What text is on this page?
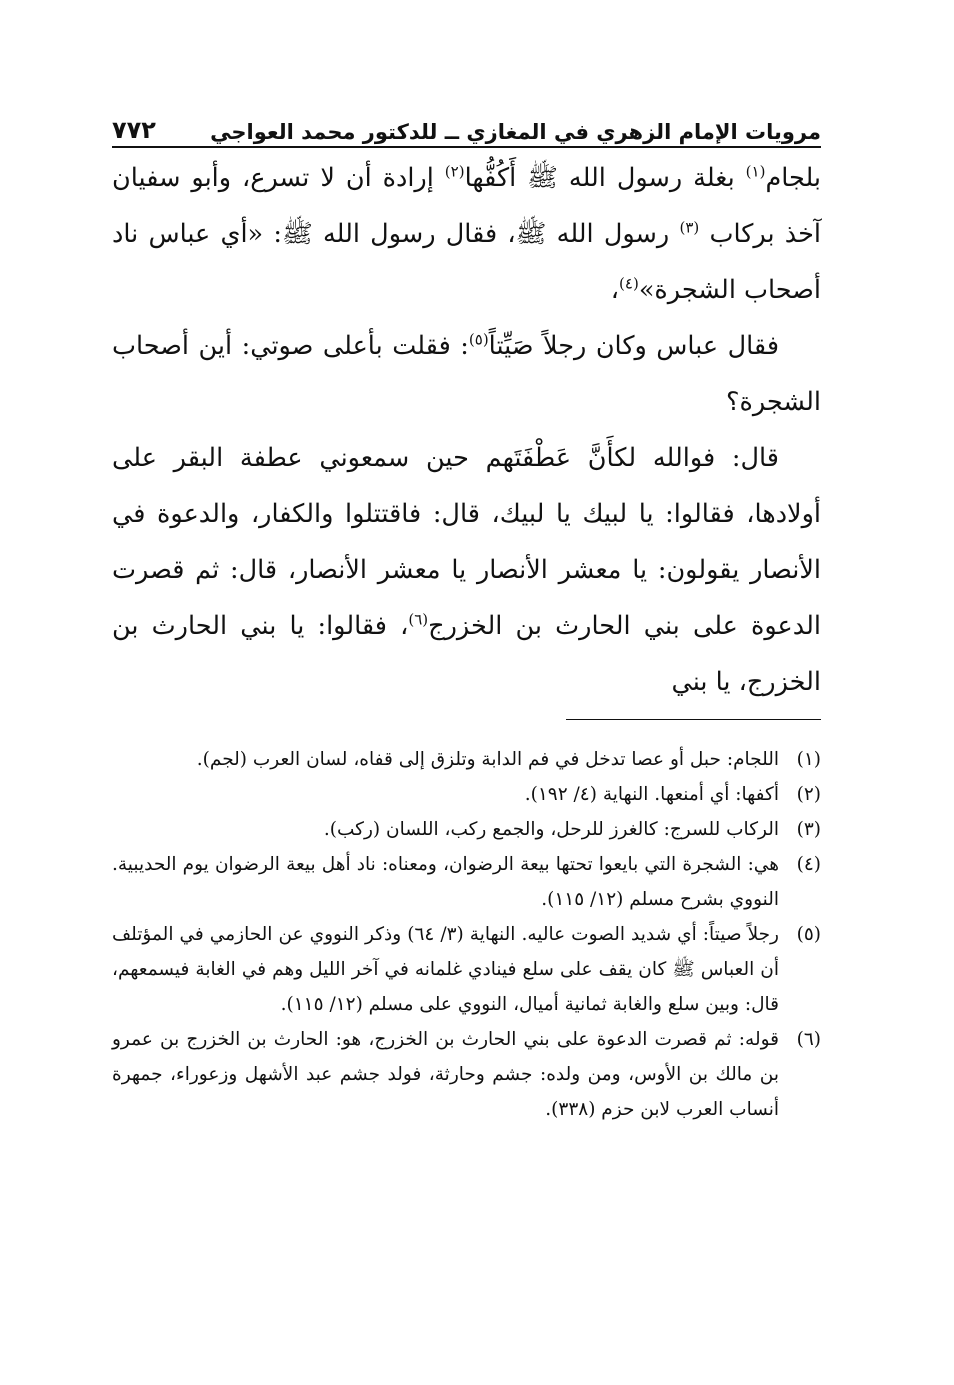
مرويات الإمام الزهري في المغازي ــ للدكتور محمد العواجي
٧٧٢

بلجام$^{(١)}$ بغلة رسول الله ﷺ أَكُفُّها$^{(٢)}$ إرادة أن لا تسرع، وأبو سفيان آخذ بركاب $^{(٣)}$ رسول الله ﷺ، فقال رسول الله ﷺ: «أي عباس ناد أصحاب الشجرة»$^{(٤)}$،

فقال عباس وكان رجلاً صَيِّتاً$^{(٥)}$: فقلت بأعلى صوتي: أين أصحاب الشجرة؟

قال: فوالله لكأَنَّ عَطْفَتَهم حين سمعوني عطفة البقر على أولادها، فقالوا: يا لبيك يا لبيك، قال: فاقتتلوا والكفار، والدعوة في الأنصار يقولون: يا معشر الأنصار يا معشر الأنصار، قال: ثم قصرت الدعوة على بني الحارث بن الخزرج$^{(٦)}$، فقالوا: يا بني الحارث بن الخزرج، يا بني

(١)
اللجام: حبل أو عصا تدخل في فم الدابة وتلزق إلى قفاه، لسان العرب (لجم).
(٢)
أكفها: أي أمنعها. النهاية (٤/ ١٩٢).
(٣)
الركاب للسرج: كالغرز للرحل، والجمع ركب، اللسان (ركب).
(٤)
هي: الشجرة التي بايعوا تحتها بيعة الرضوان، ومعناه: ناد أهل بيعة الرضوان يوم الحديبية. النووي بشرح مسلم (١٢/ ١١٥).
(٥)
رجلاً صيتاً: أي شديد الصوت عاليه. النهاية (٣/ ٦٤) وذكر النووي عن الحازمي في المؤتلف أن العباس ﷺ كان يقف على سلع فينادي غلمانه في آخر الليل وهم في الغابة فيسمعهم، قال: وبين سلع والغابة ثمانية أميال، النووي على مسلم (١٢/ ١١٥).
(٦)
قوله: ثم قصرت الدعوة على بني الحارث بن الخزرج، هو: الحارث بن الخزرج بن عمرو بن مالك بن الأوس، ومن ولده: جشم وحارثة، فولد جشم عبد الأشهل وزعوراء، جمهرة أنساب العرب لابن حزم (٣٣٨).
